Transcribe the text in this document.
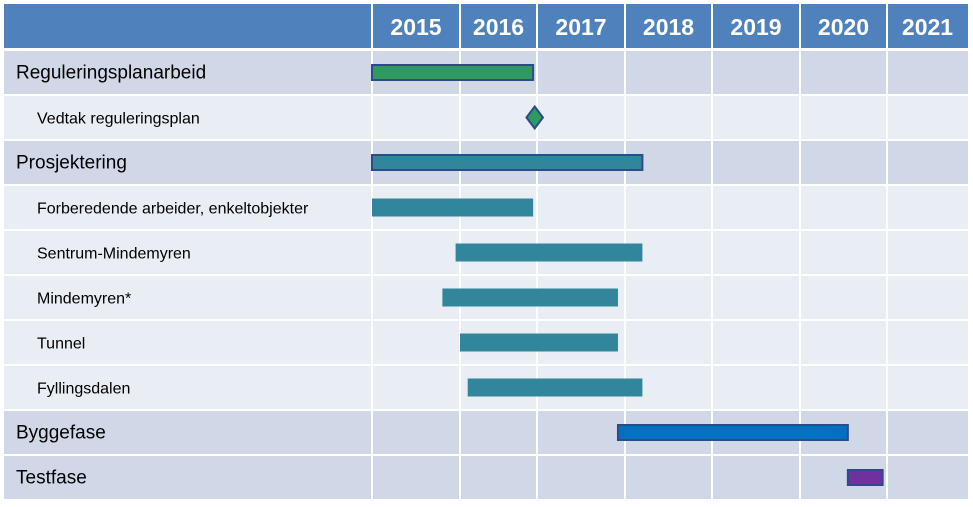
2015 2016 2017 2018 2019 2020 2021
Reguleringsplanarbeid
Vedtak reguleringsplan
Prosjektering
Forberedende arbeider, enkeltobjekter
Sentrum-Mindemyren
Mindemyren*
Tunnel
Fyllingsdalen
Byggefase
Testfase
